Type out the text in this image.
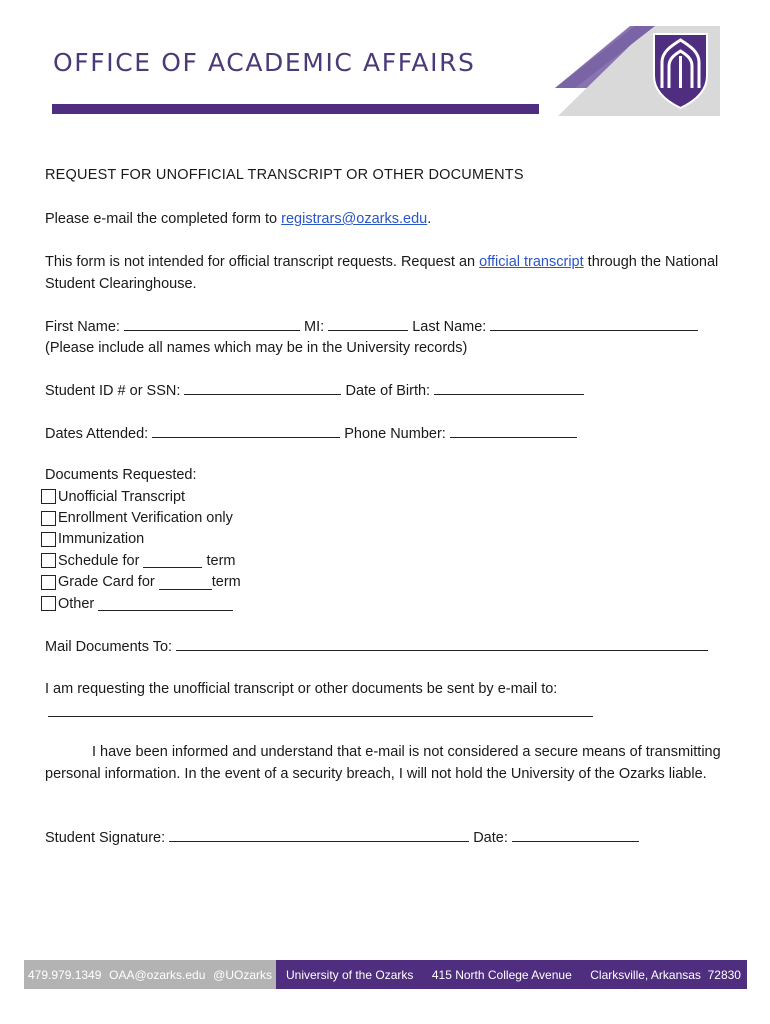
OFFICE OF ACADEMIC AFFAIRS
REQUEST FOR UNOFFICIAL TRANSCRIPT OR OTHER DOCUMENTS
Please e-mail the completed form to registrars@ozarks.edu.
This form is not intended for official transcript requests. Request an official transcript through the National Student Clearinghouse.
First Name:	MI:	Last Name:
(Please include all names which may be in the University records)
Student ID # or SSN:	Date of Birth:
Dates Attended:	Phone Number:
Documents Requested:
Unofficial Transcript
Enrollment Verification only
Immunization
Schedule for

	term
Grade Card for
	term
Other

Mail Documents To:
I am requesting the unofficial transcript or other documents be sent by e-mail to:
I have been informed and understand that e-mail is not considered a secure means of transmitting personal information. In the event of a security breach, I will not hold the University of the Ozarks liable.
Student Signature:	Date:
479.979.1349 OAA@ozarks.edu @UOzarks University of the Ozarks 415 North College Avenue Clarksville, Arkansas  72830
